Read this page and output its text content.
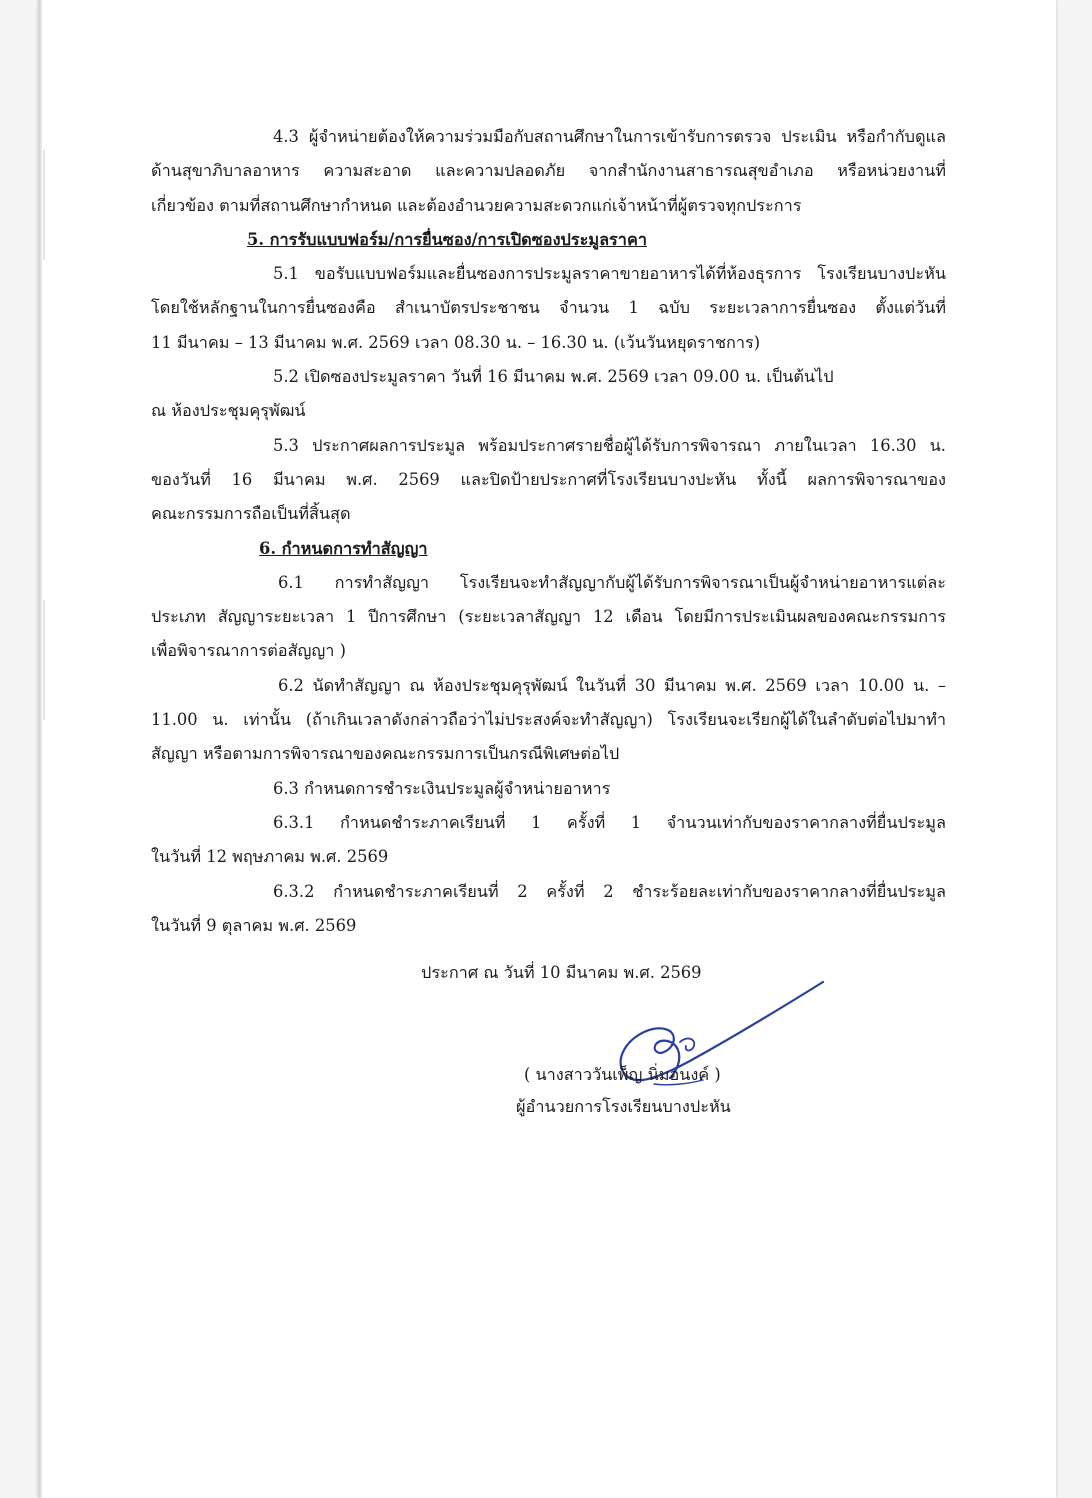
4.3 ผู้จำหน่ายต้องให้ความร่วมมือกับสถานศึกษาในการเข้ารับการตรวจ ประเมิน หรือกำกับดูแล
ด้านสุขาภิบาลอาหาร ความสะอาด และความปลอดภัย จากสำนักงานสาธารณสุขอำเภอ หรือหน่วยงานที่
เกี่ยวข้อง ตามที่สถานศึกษากำหนด และต้องอำนวยความสะดวกแก่เจ้าหน้าที่ผู้ตรวจทุกประการ
5. การรับแบบฟอร์ม/การยื่นซอง/การเปิดซองประมูลราคา
5.1 ขอรับแบบฟอร์มและยื่นซองการประมูลราคาขายอาหารได้ที่ห้องธุรการ โรงเรียนบางปะหัน
โดยใช้หลักฐานในการยื่นซองคือ สำเนาบัตรประชาชน จำนวน 1 ฉบับ ระยะเวลาการยื่นซอง ตั้งแต่วันที่
11 มีนาคม – 13 มีนาคม พ.ศ. 2569 เวลา 08.30 น. – 16.30 น. (เว้นวันหยุดราชการ)
5.2 เปิดซองประมูลราคา วันที่ 16 มีนาคม พ.ศ. 2569 เวลา 09.00 น. เป็นต้นไป
ณ ห้องประชุมคุรุพัฒน์
5.3 ประกาศผลการประมูล พร้อมประกาศรายชื่อผู้ได้รับการพิจารณา ภายในเวลา 16.30 น.
ของวันที่ 16 มีนาคม พ.ศ. 2569 และปิดป้ายประกาศที่โรงเรียนบางปะหัน ทั้งนี้ ผลการพิจารณาของ
คณะกรรมการถือเป็นที่สิ้นสุด
6. กำหนดการทำสัญญา
6.1 การทำสัญญา โรงเรียนจะทำสัญญากับผู้ได้รับการพิจารณาเป็นผู้จำหน่ายอาหารแต่ละ
ประเภท สัญญาระยะเวลา 1 ปีการศึกษา (ระยะเวลาสัญญา 12 เดือน โดยมีการประเมินผลของคณะกรรมการ
เพื่อพิจารณาการต่อสัญญา )
6.2 นัดทำสัญญา ณ ห้องประชุมคุรุพัฒน์ ในวันที่ 30 มีนาคม พ.ศ. 2569 เวลา 10.00 น. –
11.00 น. เท่านั้น (ถ้าเกินเวลาดังกล่าวถือว่าไม่ประสงค์จะทำสัญญา) โรงเรียนจะเรียกผู้ได้ในลำดับต่อไปมาทำ
สัญญา หรือตามการพิจารณาของคณะกรรมการเป็นกรณีพิเศษต่อไป
6.3 กำหนดการชำระเงินประมูลผู้จำหน่ายอาหาร
6.3.1 กำหนดชำระภาคเรียนที่ 1 ครั้งที่ 1 จำนวนเท่ากับของราคากลางที่ยื่นประมูล
ในวันที่ 12 พฤษภาคม พ.ศ. 2569
6.3.2 กำหนดชำระภาคเรียนที่ 2 ครั้งที่ 2 ชำระร้อยละเท่ากับของราคากลางที่ยื่นประมูล
ในวันที่ 9 ตุลาคม พ.ศ. 2569
ประกาศ ณ วันที่ 10 มีนาคม พ.ศ. 2569
( นางสาววันเพ็ญ นิ่มอนงค์ )
ผู้อำนวยการโรงเรียนบางปะหัน
